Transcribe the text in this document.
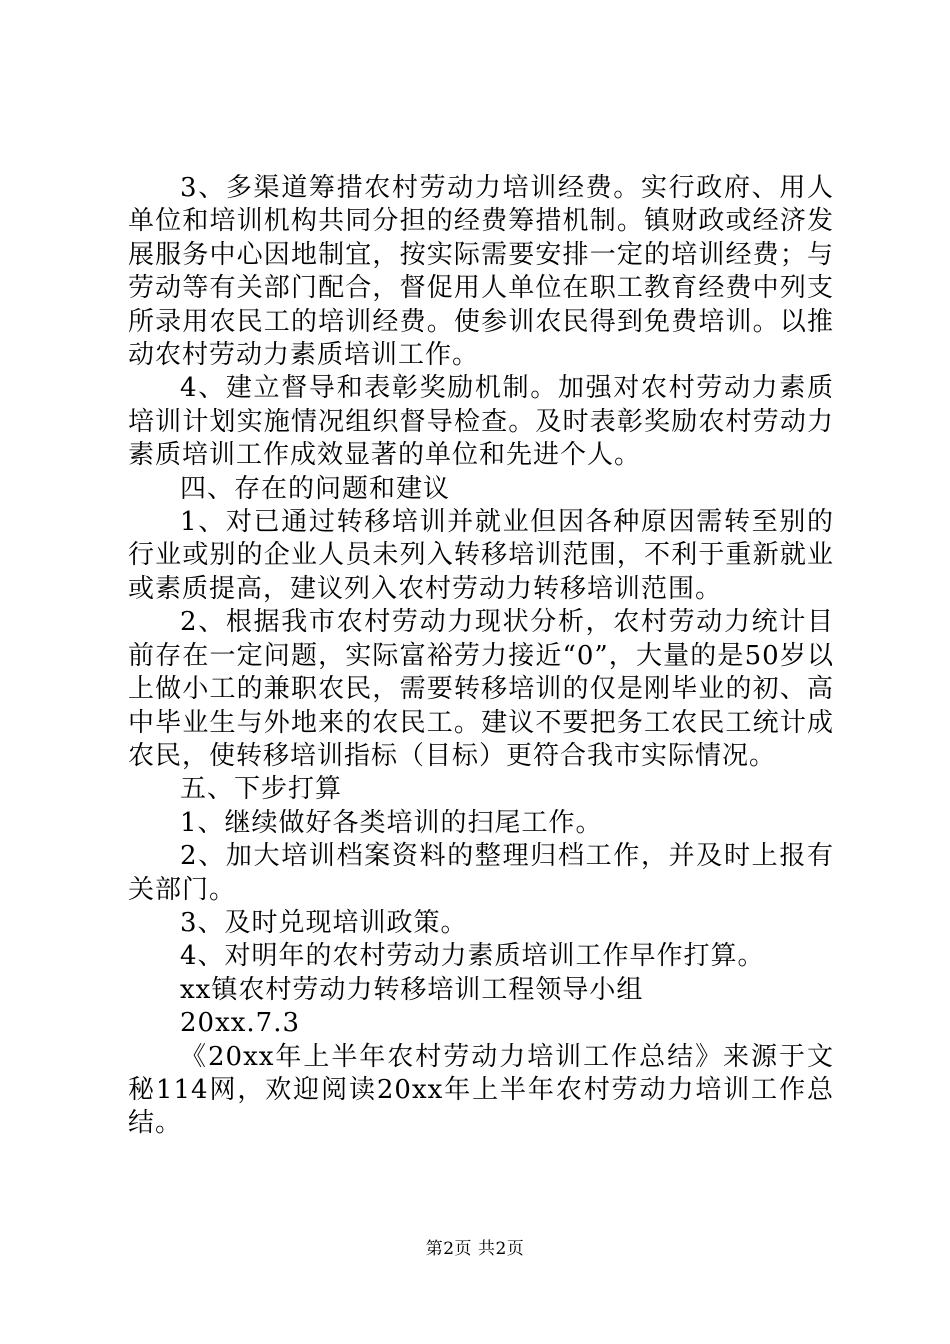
3、多渠道筹措农村劳动力培训经费。实行政府、用人单位和培训机构共同分担的经费筹措机制。镇财政或经济发展服务中心因地制宜，按实际需要安排一定的培训经费；与劳动等有关部门配合，督促用人单位在职工教育经费中列支所录用农民工的培训经费。使参训农民得到免费培训。以推动农村劳动力素质培训工作。

4、建立督导和表彰奖励机制。加强对农村劳动力素质培训计划实施情况组织督导检查。及时表彰奖励农村劳动力素质培训工作成效显著的单位和先进个人。

四、存在的问题和建议

1、对已通过转移培训并就业但因各种原因需转至别的行业或别的企业人员未列入转移培训范围，不利于重新就业或素质提高，建议列入农村劳动力转移培训范围。

2、根据我市农村劳动力现状分析，农村劳动力统计目前存在一定问题，实际富裕劳力接近“0”，大量的是50岁以上做小工的兼职农民，需要转移培训的仅是刚毕业的初、高中毕业生与外地来的农民工。建议不要把务工农民工统计成农民，使转移培训指标（目标）更符合我市实际情况。

五、下步打算

1、继续做好各类培训的扫尾工作。

2、加大培训档案资料的整理归档工作，并及时上报有关部门。

3、及时兑现培训政策。

4、对明年的农村劳动力素质培训工作早作打算。

xx镇农村劳动力转移培训工程领导小组

20xx.7.3

《20xx年上半年农村劳动力培训工作总结》来源于文秘114网，欢迎阅读20xx年上半年农村劳动力培训工作总结。

第2页 共2页
